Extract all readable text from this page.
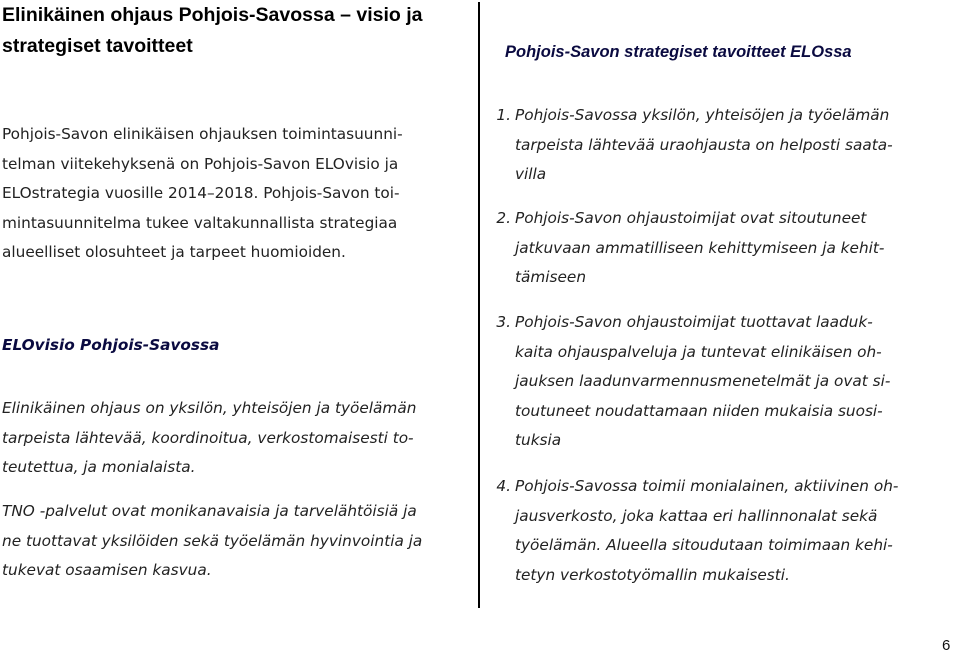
Elinikäinen ohjaus Pohjois-Savossa – visio ja
strategiset tavoitteet

Pohjois-Savon elinikäisen ohjauksen toimintasuunni-
telman viitekehyksenä on Pohjois-Savon ELOvisio ja
ELOstrategia vuosille 2014–2018. Pohjois-Savon toi-
mintasuunnitelma tukee valtakunnallista strategiaa
alueelliset olosuhteet ja tarpeet huomioiden.

ELOvisio Pohjois-Savossa

Elinikäinen ohjaus on yksilön, yhteisöjen ja työelämän
tarpeista lähtevää, koordinoitua, verkostomaisesti to-
teutettua, ja monialaista.

TNO -palvelut ovat monikanavaisia ja tarvelähtöisiä ja
ne tuottavat yksilöiden sekä työelämän hyvinvointia ja
tukevat osaamisen kasvua.

Pohjois-Savon strategiset tavoitteet ELOssa
1. Pohjois-Savossa yksilön, yhteisöjen ja työelämän
tarpeista lähtevää uraohjausta on helposti saata-
villa
2. Pohjois-Savon ohjaustoimijat ovat sitoutuneet
jatkuvaan ammatilliseen kehittymiseen ja kehit-
tämiseen
3. Pohjois-Savon ohjaustoimijat tuottavat laaduk-
kaita ohjauspalveluja ja tuntevat elinikäisen oh-
jauksen laadunvarmennusmenetelmät ja ovat si-
toutuneet noudattamaan niiden mukaisia suosi-
tuksia
4. Pohjois-Savossa toimii monialainen, aktiivinen oh-
jausverkosto, joka kattaa eri hallinnonalat sekä
työelämän. Alueella sitoudutaan toimimaan kehi-
tetyn verkostotyömallin mukaisesti.

6
